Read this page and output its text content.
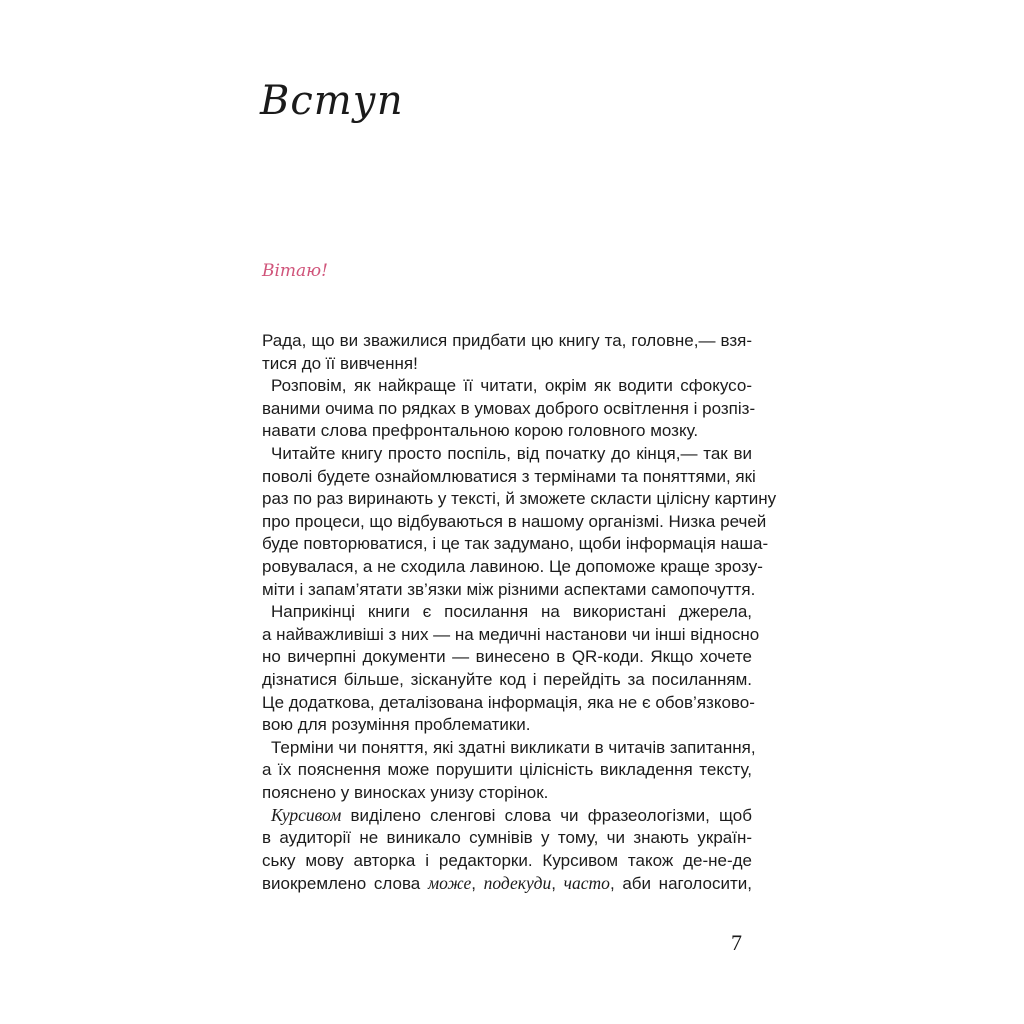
Вступ

Вітаю!

Рада, що ви зважилися придбати цю книгу та, головне,— взя-
тися до її вивчення!
Розповім, як найкраще її читати, окрім як водити сфокусо-
ваними очима по рядках в умовах доброго освітлення і розпіз-
навати слова префронтальною корою головного мозку.
Читайте книгу просто поспіль, від початку до кінця,— так ви
поволі будете ознайомлюватися з термінами та поняттями, які
раз по раз виринають у тексті, й зможете скласти цілісну картину
про процеси, що відбуваються в нашому організмі. Низка речей
буде повторюватися, і це так задумано, щоби інформація наша-
ровувалася, а не сходила лавиною. Це допоможе краще зрозу-
міти і запам’ятати зв’язки між різними аспектами самопочуття.
Наприкінці книги є посилання на використані джерела,
а найважливіші з них — на медичні настанови чи інші відносно
но вичерпні документи — винесено в QR-коди. Якщо хочете
дізнатися більше, зіскануйте код і перейдіть за посиланням.
Це додаткова, деталізована інформація, яка не є обов’язково-
вою для розуміння проблематики.
Терміни чи поняття, які здатні викликати в читачів запитання,
а їх пояснення може порушити цілісність викладення тексту,
пояснено у виносках унизу сторінок.
Курсивом виділено сленгові слова чи фразеологізми, щоб
в аудиторії не виникало сумнівів у тому, чи знають україн-
ську мову авторка і редакторки. Курсивом також де-не-де
виокремлено слова може, подекуди, часто, аби наголосити,
7
